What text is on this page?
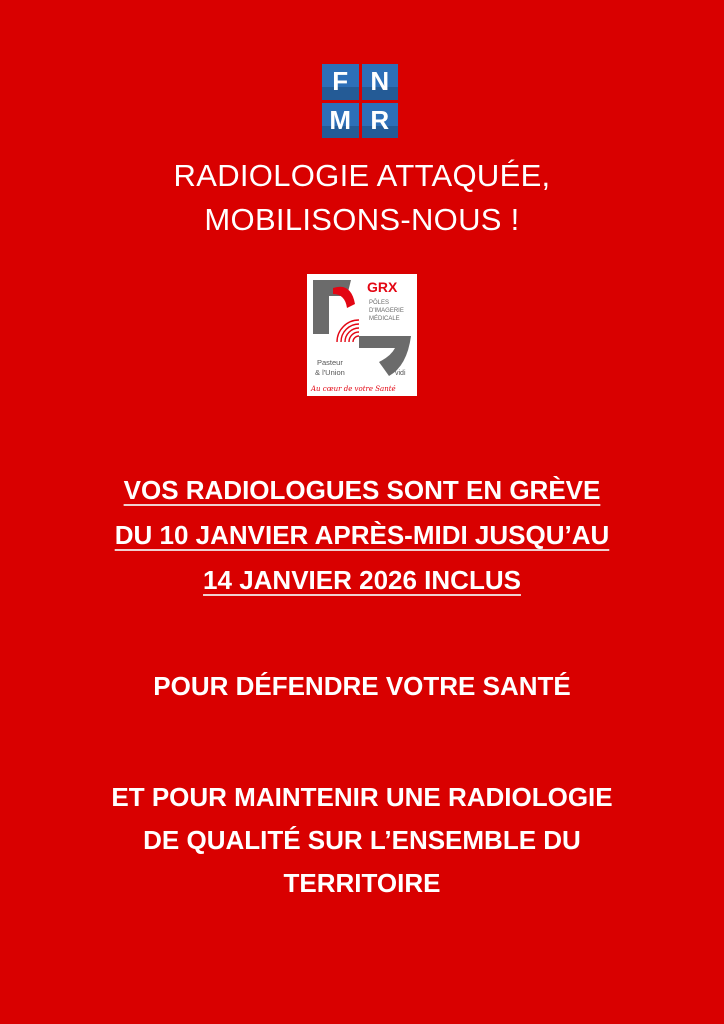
F N
M R
RADIOLOGIE ATTAQUÉE,
MOBILISONS-NOUS !
GRX
PÔLES
D'IMAGERIE
MÉDICALE
Pasteur
& l'Union	vidi
Au cœur de votre Santé
VOS RADIOLOGUES SONT EN GRÈVE
DU 10 JANVIER APRÈS-MIDI JUSQU’AU
14 JANVIER 2026 INCLUS
POUR DÉFENDRE VOTRE SANTÉ
ET POUR MAINTENIR UNE RADIOLOGIE
DE QUALITÉ SUR L’ENSEMBLE DU
TERRITOIRE
